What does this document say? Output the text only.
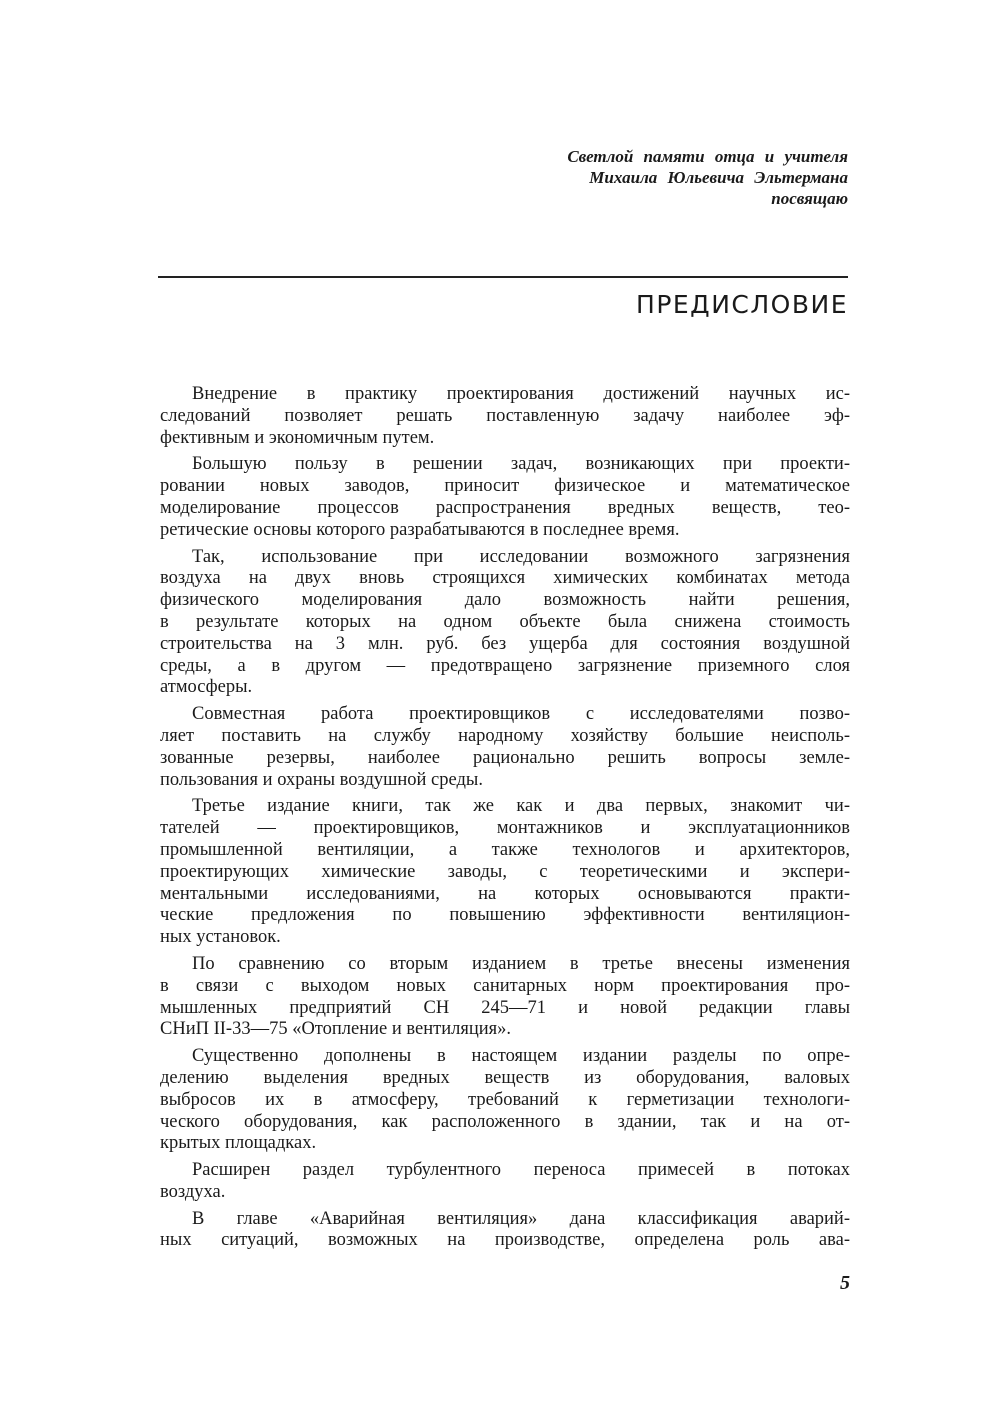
Светлой памяти отца и учителя
Михаила Юльевича Эльтермана
посвящаю
ПРЕДИСЛОВИЕ
Внедрение в практику проектирования достижений научных ис-
следований позволяет решать поставленную задачу наиболее эф-
фективным и экономичным путем.
Большую пользу в решении задач, возникающих при проекти-
ровании новых заводов, приносит физическое и математическое
моделирование процессов распространения вредных веществ, тео-
ретические основы которого разрабатываются в последнее время.
Так, использование при исследовании возможного загрязнения
воздуха на двух вновь строящихся химических комбинатах метода
физического моделирования дало возможность найти решения,
в результате которых на одном объекте была снижена стоимость
строительства на 3 млн. руб. без ущерба для состояния воздушной
среды, а в другом — предотвращено загрязнение приземного слоя
атмосферы.
Совместная работа проектировщиков с исследователями позво-
ляет поставить на службу народному хозяйству большие неисполь-
зованные резервы, наиболее рационально решить вопросы земле-
пользования и охраны воздушной среды.
Третье издание книги, так же как и два первых, знакомит чи-
тателей — проектировщиков, монтажников и эксплуатационников
промышленной вентиляции, а также технологов и архитекторов,
проектирующих химические заводы, с теоретическими и экспери-
ментальными исследованиями, на которых основываются практи-
ческие предложения по повышению эффективности вентиляцион-
ных установок.
По сравнению со вторым изданием в третье внесены изменения
в связи с выходом новых санитарных норм проектирования про-
мышленных предприятий СН 245—71 и новой редакции главы
СНиП II-33—75 «Отопление и вентиляция».
Существенно дополнены в настоящем издании разделы по опре-
делению выделения вредных веществ из оборудования, валовых
выбросов их в атмосферу, требований к герметизации технологи-
ческого оборудования, как расположенного в здании, так и на от-
крытых площадках.
Расширен раздел турбулентного переноса примесей в потоках
воздуха.
В главе «Аварийная вентиляция» дана классификация аварий-
ных ситуаций, возможных на производстве, определена роль ава-
5
